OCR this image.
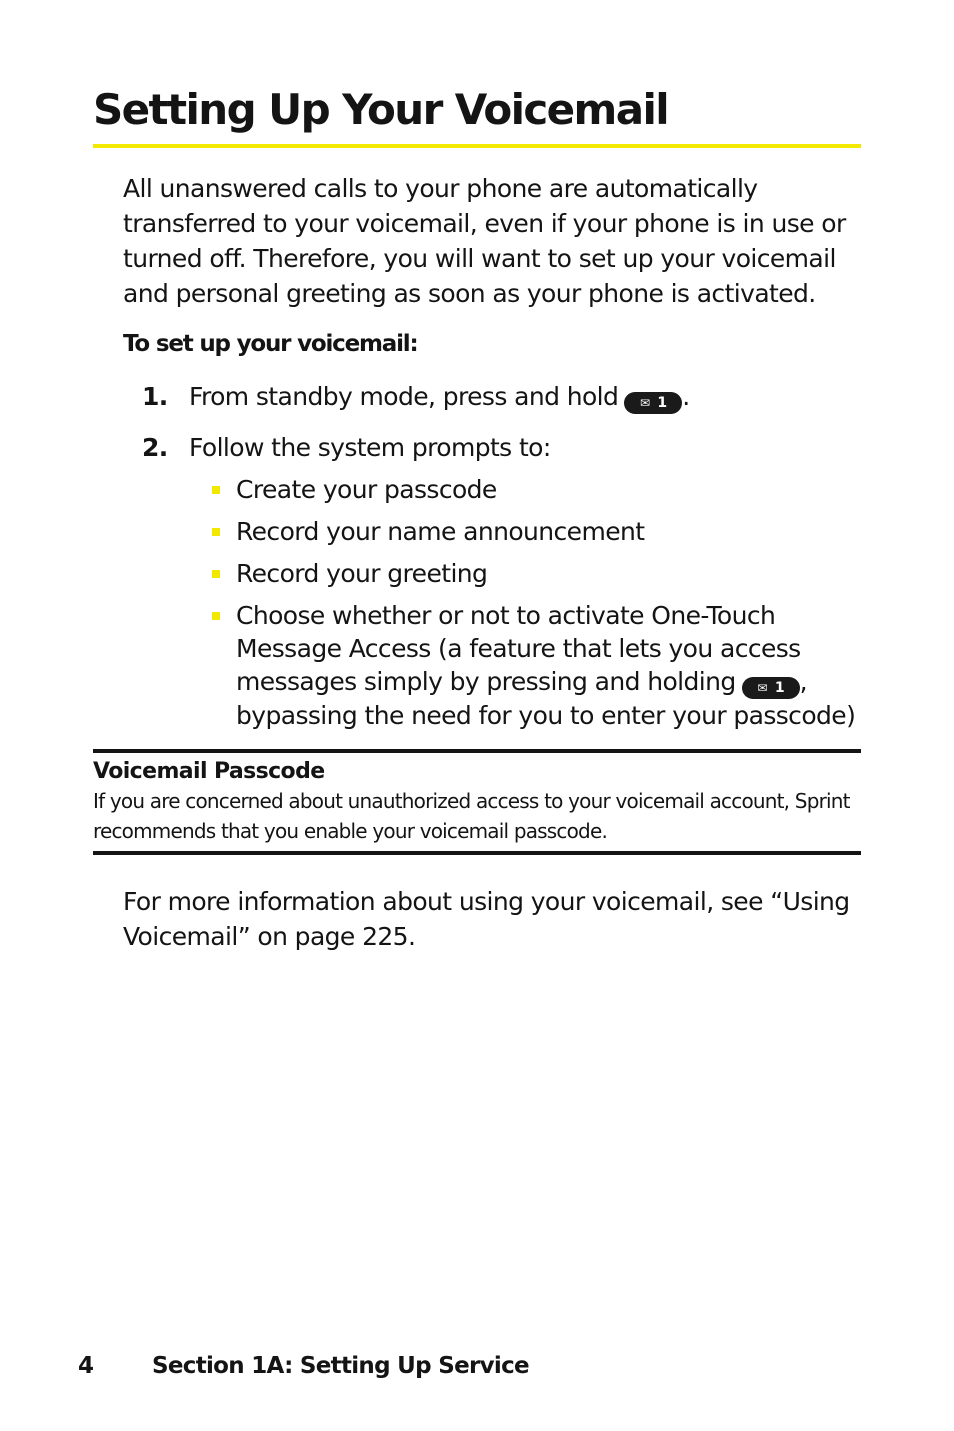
Setting Up Your Voicemail

All unanswered calls to your phone are automatically transferred to your voicemail, even if your phone is in use or turned off. Therefore, you will want to set up your voicemail and personal greeting as soon as your phone is activated.

To set up your voicemail:

1. From standby mode, press and hold ✉ 1 .
2. Follow the system prompts to:
Create your passcode
Record your name announcement
Record your greeting
Choose whether or not to activate One-Touch
Message Access (a feature that lets you access
messages simply by pressing and holding ✉ 1 ,
bypassing the need for you to enter your passcode)

Voicemail Passcode

If you are concerned about unauthorized access to your voicemail account, Sprint recommends that you enable your voicemail passcode.

For more information about using your voicemail, see “Using Voicemail” on page 225.

4	Section 1A: Setting Up Service
